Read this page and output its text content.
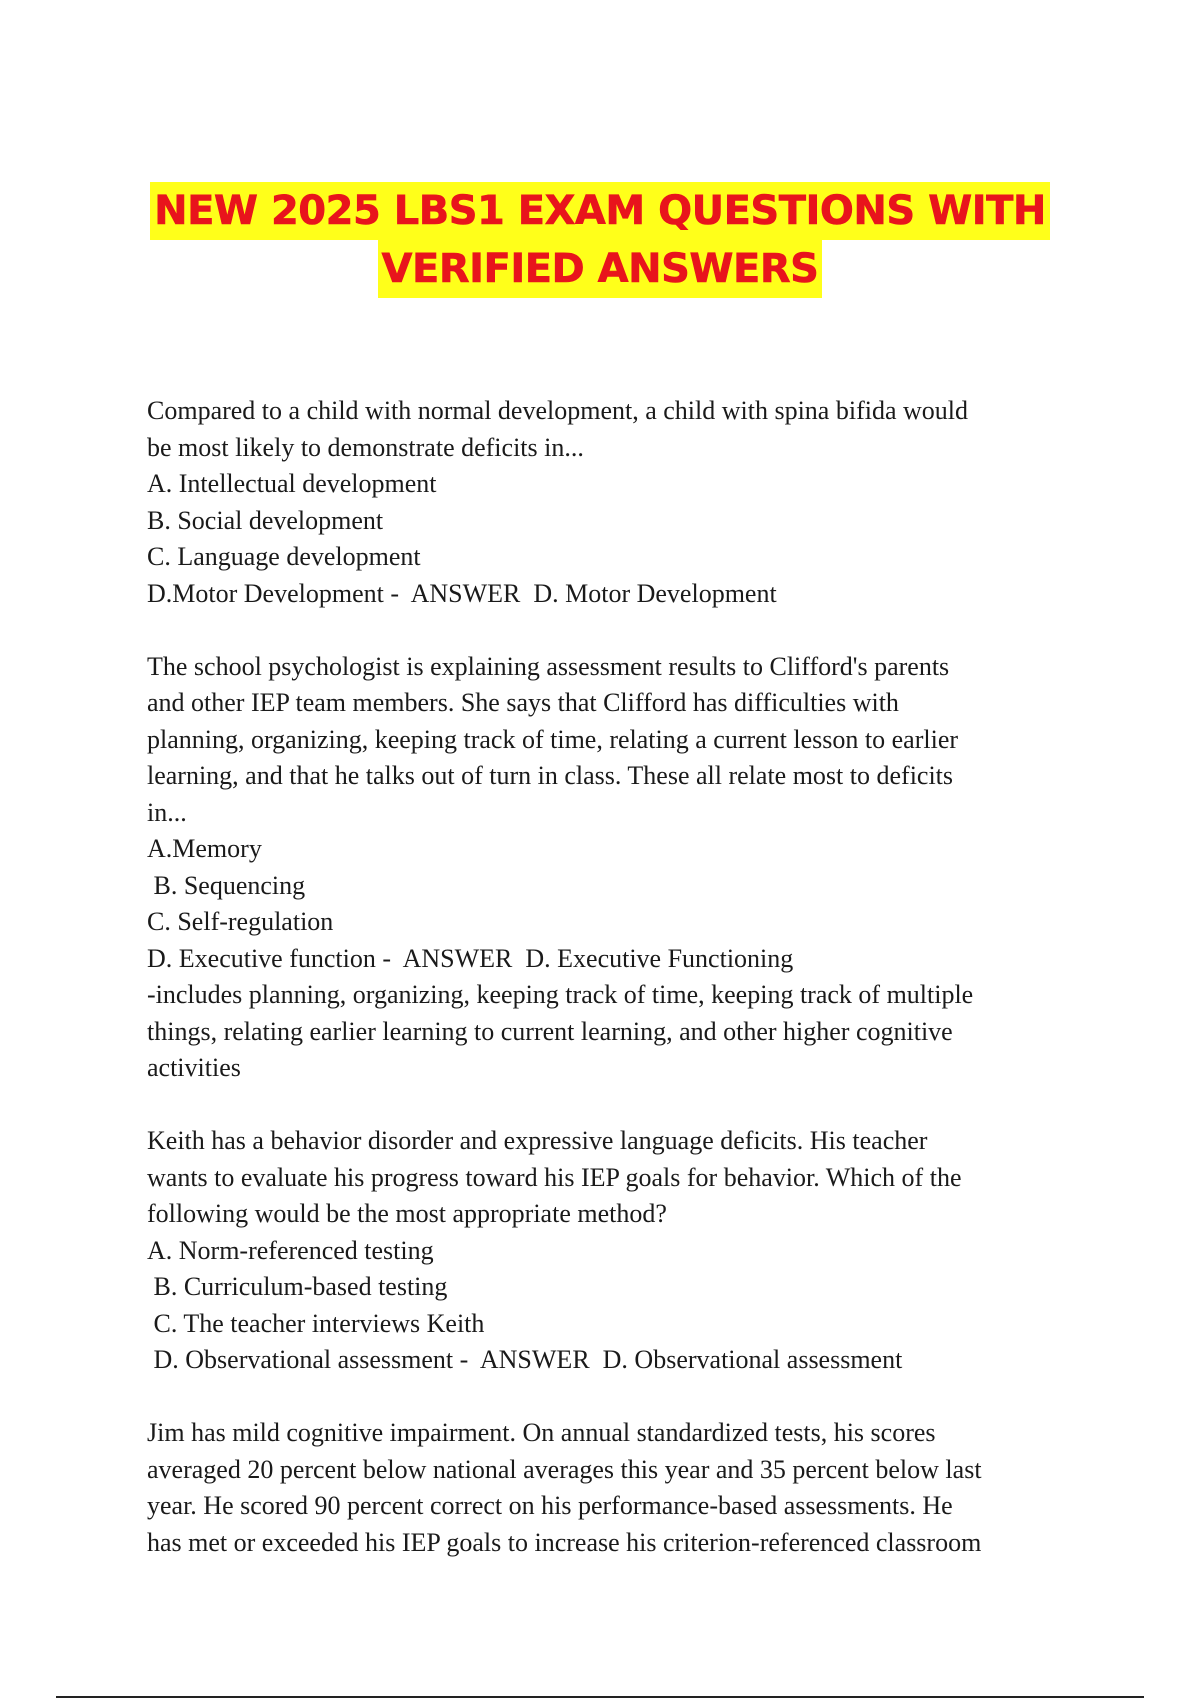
NEW 2025 LBS1 EXAM QUESTIONS WITH
VERIFIED ANSWERS
Compared to a child with normal development, a child with spina bifida would
be most likely to demonstrate deficits in...
A. Intellectual development
B. Social development
C. Language development
D.Motor Development -  ANSWER  D. Motor Development
The school psychologist is explaining assessment results to Clifford's parents
and other IEP team members. She says that Clifford has difficulties with
planning, organizing, keeping track of time, relating a current lesson to earlier
learning, and that he talks out of turn in class. These all relate most to deficits
in...
A.Memory
B. Sequencing
C. Self-regulation
D. Executive function -  ANSWER  D. Executive Functioning
-includes planning, organizing, keeping track of time, keeping track of multiple
things, relating earlier learning to current learning, and other higher cognitive
activities
Keith has a behavior disorder and expressive language deficits. His teacher
wants to evaluate his progress toward his IEP goals for behavior. Which of the
following would be the most appropriate method?
A. Norm-referenced testing
B. Curriculum-based testing
C. The teacher interviews Keith
D. Observational assessment -  ANSWER  D. Observational assessment
Jim has mild cognitive impairment. On annual standardized tests, his scores
averaged 20 percent below national averages this year and 35 percent below last
year. He scored 90 percent correct on his performance-based assessments. He
has met or exceeded his IEP goals to increase his criterion-referenced classroom
